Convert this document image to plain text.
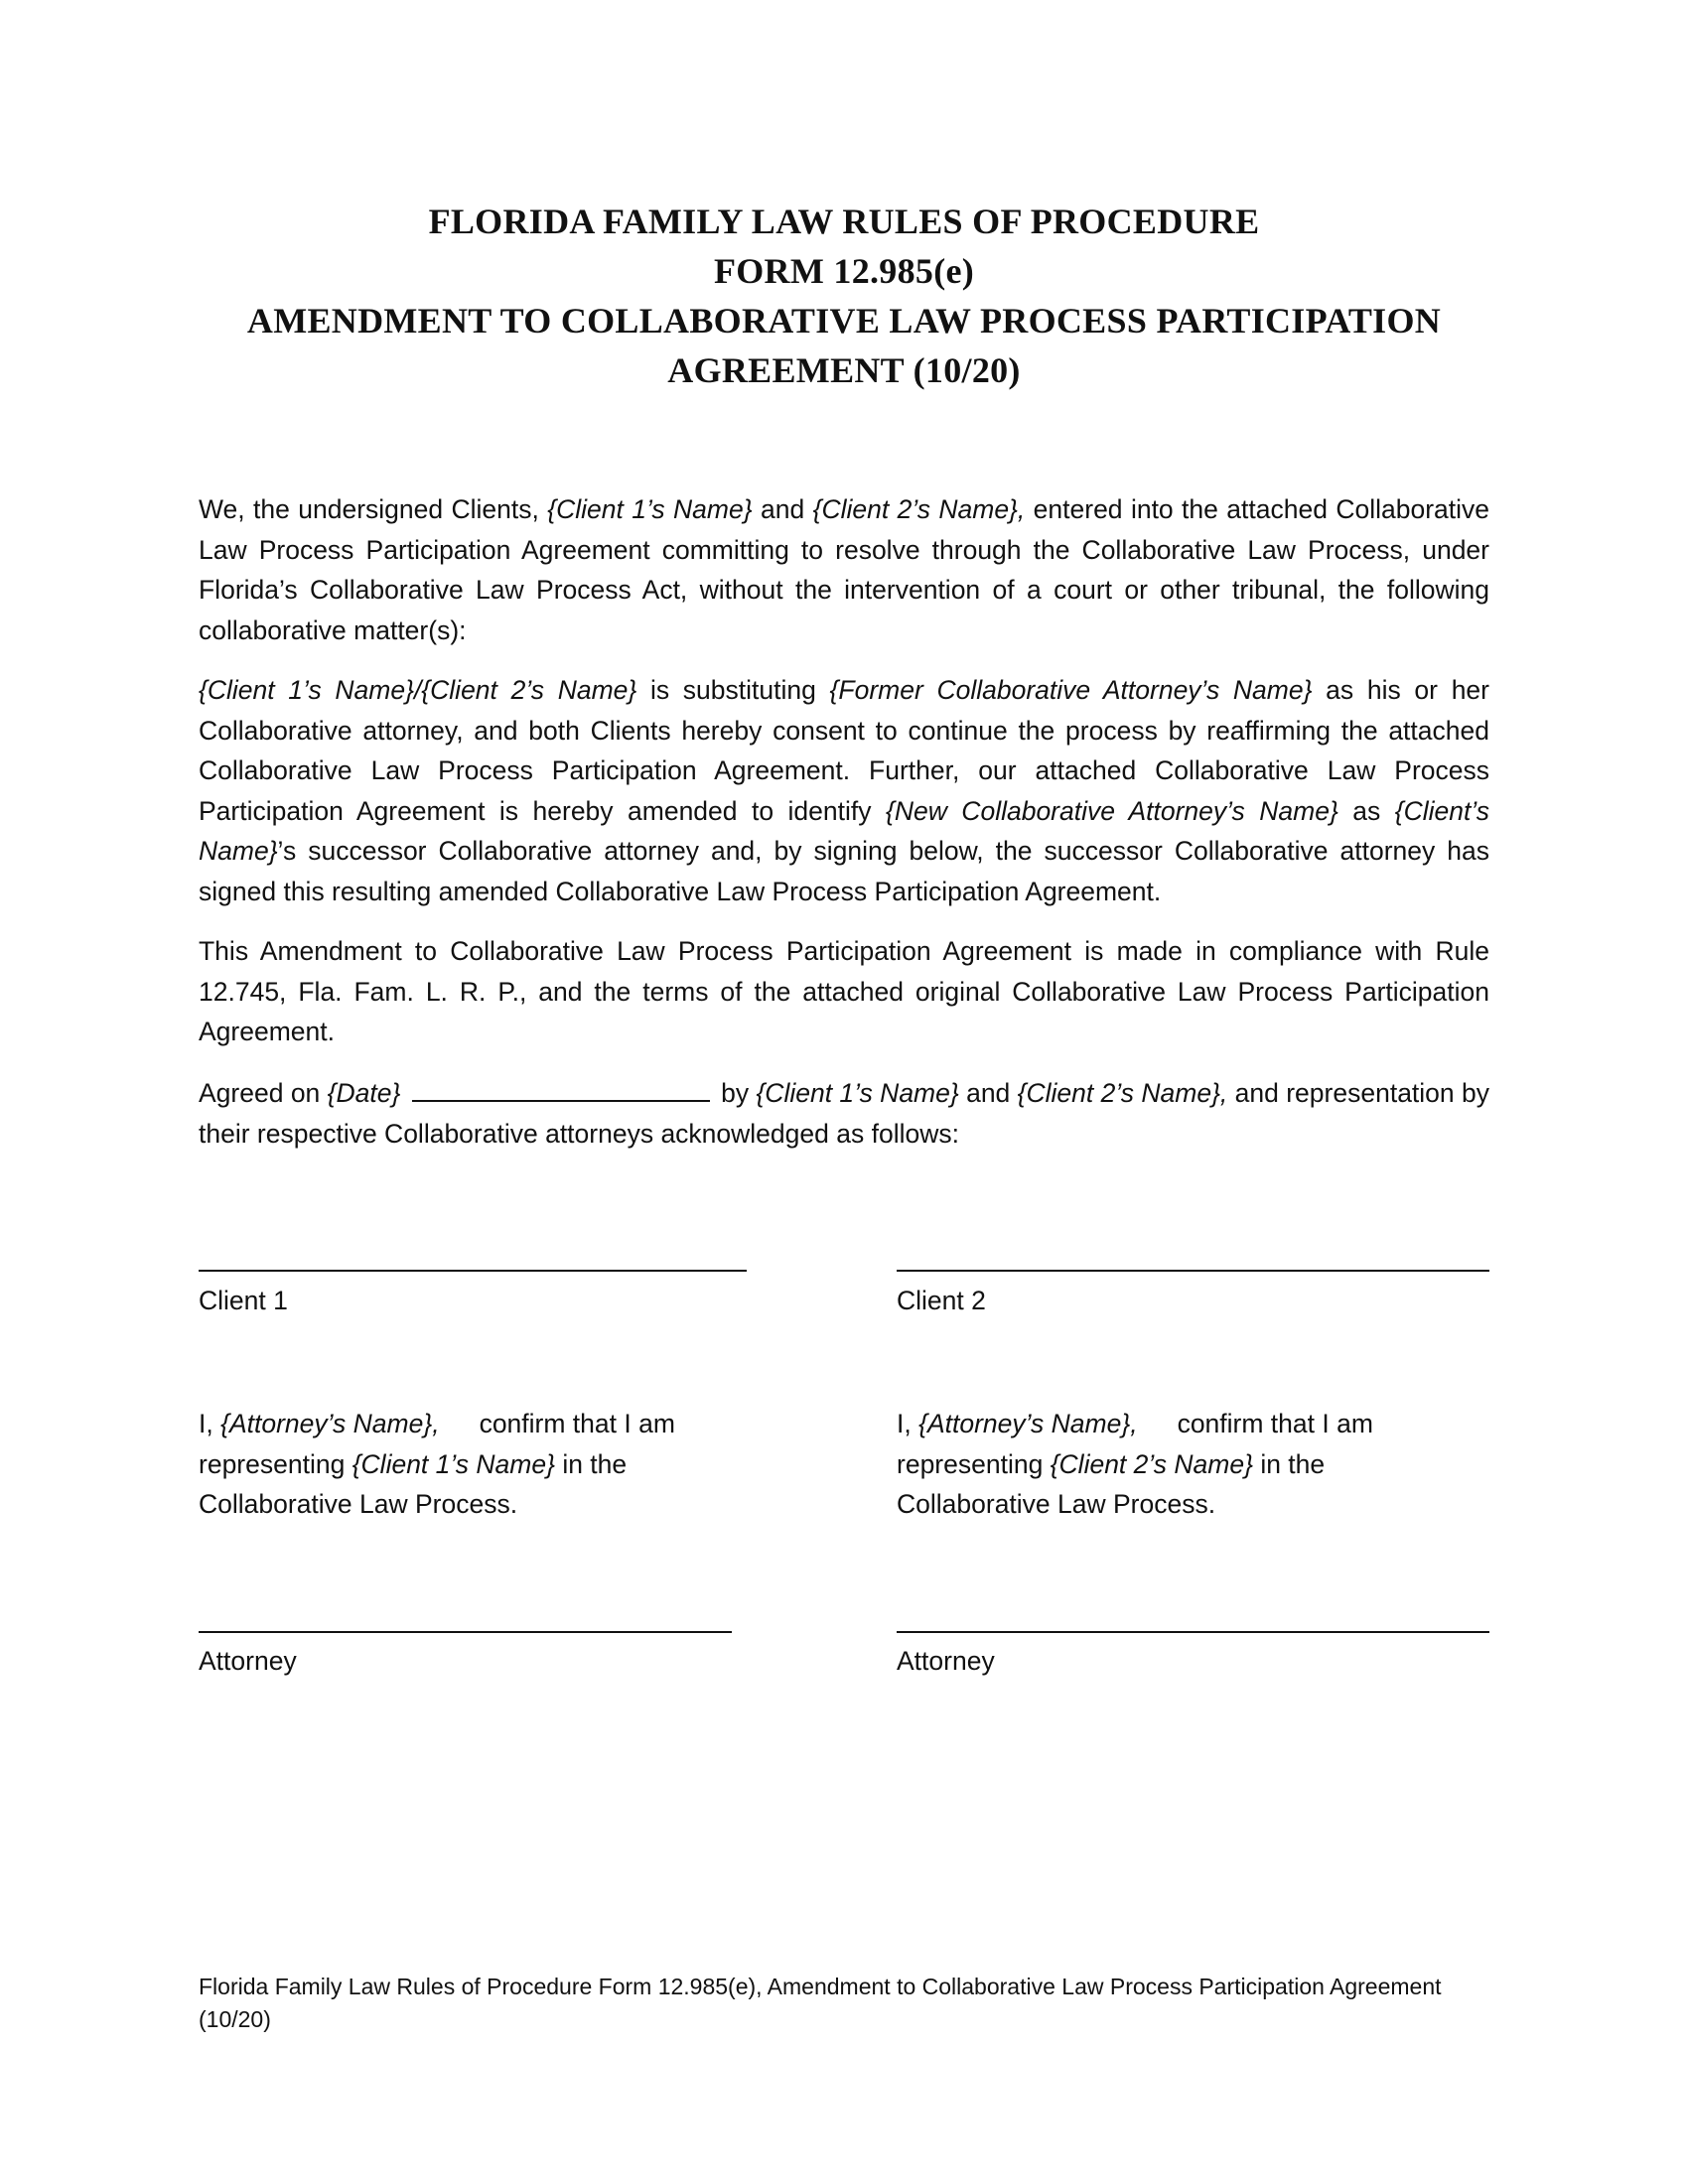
FLORIDA FAMILY LAW RULES OF PROCEDURE
FORM 12.985(e)
AMENDMENT TO COLLABORATIVE LAW PROCESS PARTICIPATION
AGREEMENT (10/20)

We, the undersigned Clients, {Client 1’s Name} and {Client 2’s Name}, entered into the attached Collaborative Law Process Participation Agreement committing to resolve through the Collaborative Law Process, under Florida’s Collaborative Law Process Act, without the intervention of a court or other tribunal, the following collaborative matter(s):

{Client 1’s Name}/{Client 2’s Name} is substituting {Former Collaborative Attorney’s Name} as his or her Collaborative attorney, and both Clients hereby consent to continue the process by reaffirming the attached Collaborative Law Process Participation Agreement. Further, our attached Collaborative Law Process Participation Agreement is hereby amended to identify {New Collaborative Attorney’s Name} as {Client’s Name}’s successor Collaborative attorney and, by signing below, the successor Collaborative attorney has signed this resulting amended Collaborative Law Process Participation Agreement.

This Amendment to Collaborative Law Process Participation Agreement is made in compliance with Rule 12.745, Fla. Fam. L. R. P., and the terms of the attached original Collaborative Law Process Participation Agreement.

Agreed on {Date}	by {Client 1’s Name} and {Client 2’s Name}, and representation by their respective Collaborative attorneys acknowledged as follows:

Client 1	Client 2
I, {Attorney’s Name}, confirm that I am representing {Client 1’s Name} in the Collaborative Law Process.
I, {Attorney’s Name}, confirm that I am representing {Client 2’s Name} in the Collaborative Law Process.
Attorney	Attorney
Florida Family Law Rules of Procedure Form 12.985(e), Amendment to Collaborative Law Process Participation Agreement (10/20)
